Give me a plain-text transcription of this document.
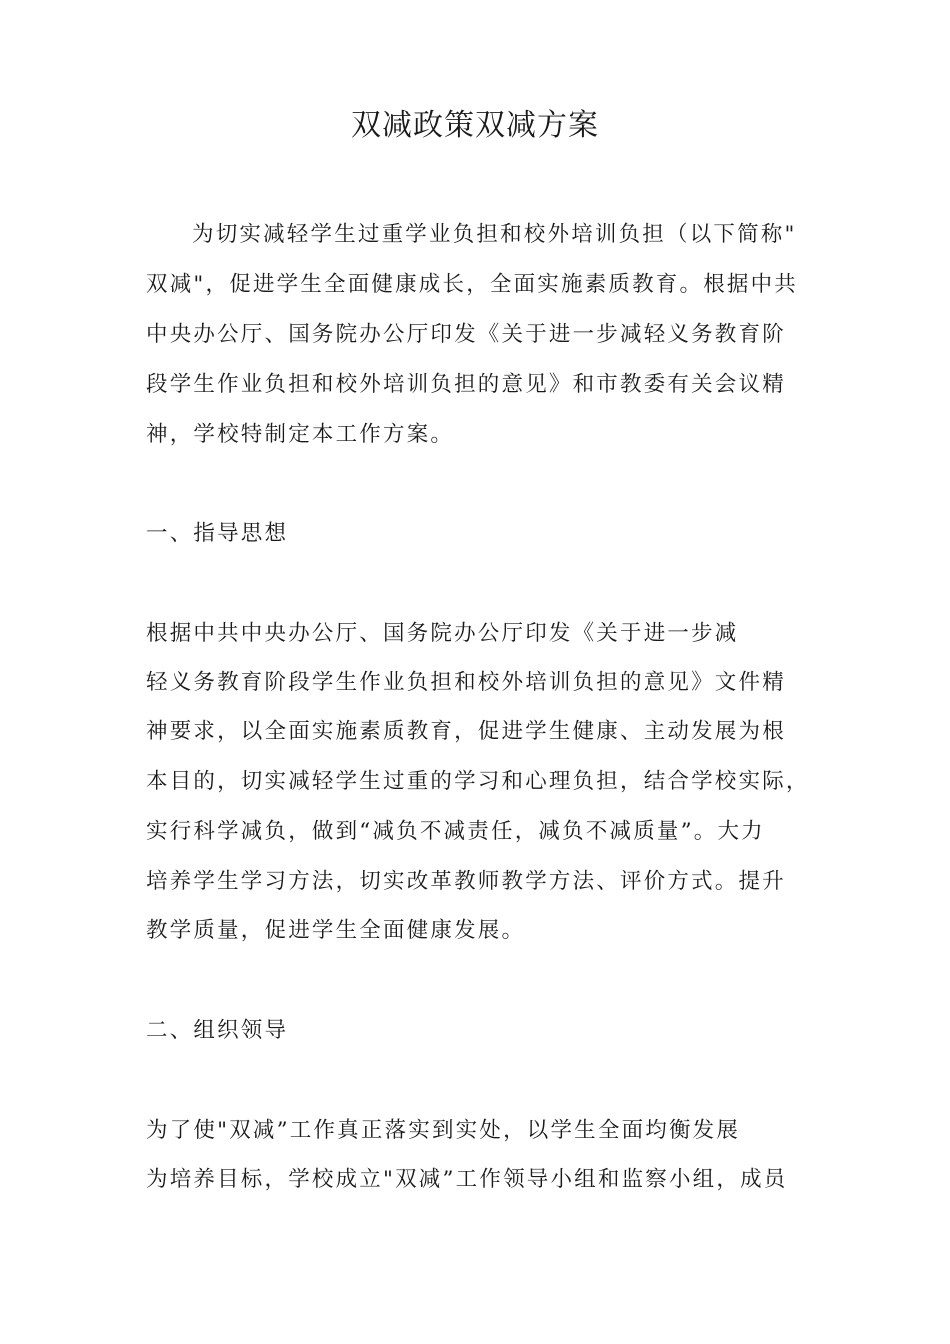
双减政策双减方案
为切实减轻学生过重学业负担和校外培训负担（以下简称"
双减"，促进学生全面健康成长，全面实施素质教育。根据中共
中央办公厅、国务院办公厅印发《关于进一步减轻义务教育阶
段学生作业负担和校外培训负担的意见》和市教委有关会议精
神，学校特制定本工作方案。
一、指导思想
根据中共中央办公厅、国务院办公厅印发《关于进一步减
轻义务教育阶段学生作业负担和校外培训负担的意见》文件精
神要求，以全面实施素质教育，促进学生健康、主动发展为根
本目的，切实减轻学生过重的学习和心理负担，结合学校实际，
实行科学减负，做到“减负不减责任，减负不减质量”。大力
培养学生学习方法，切实改革教师教学方法、评价方式。提升
教学质量，促进学生全面健康发展。
二、组织领导
为了使"双减”工作真正落实到实处，以学生全面均衡发展
为培养目标，学校成立"双减”工作领导小组和监察小组，成员
